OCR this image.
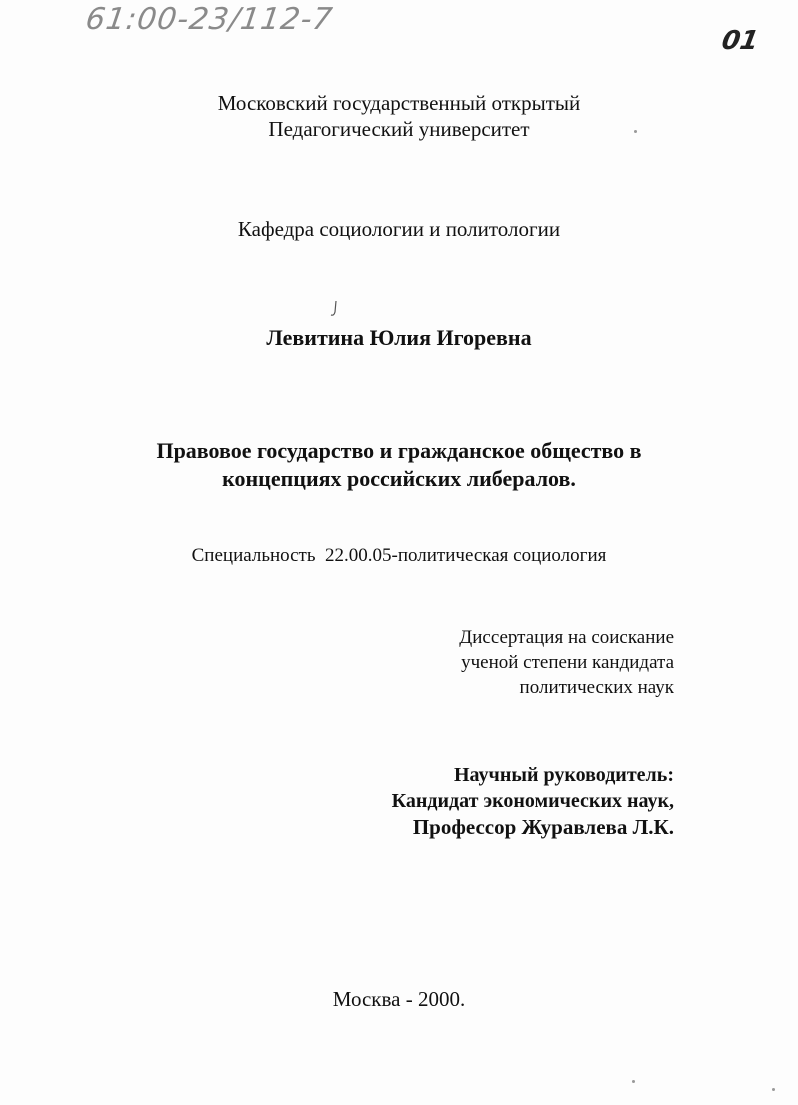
61:00-23/112-7
01
Московский государственный открытый
Педагогический университет
Кафедра социологии и политологии
Левитина Юлия Игоревна
Правовое государство и гражданское общество в
концепциях российских либералов.
Специальность  22.00.05-политическая социология
Диссертация на соискание
ученой степени кандидата
политических наук
Научный руководитель:
Кандидат экономических наук,
Профессор Журавлева Л.К.
Москва - 2000.
